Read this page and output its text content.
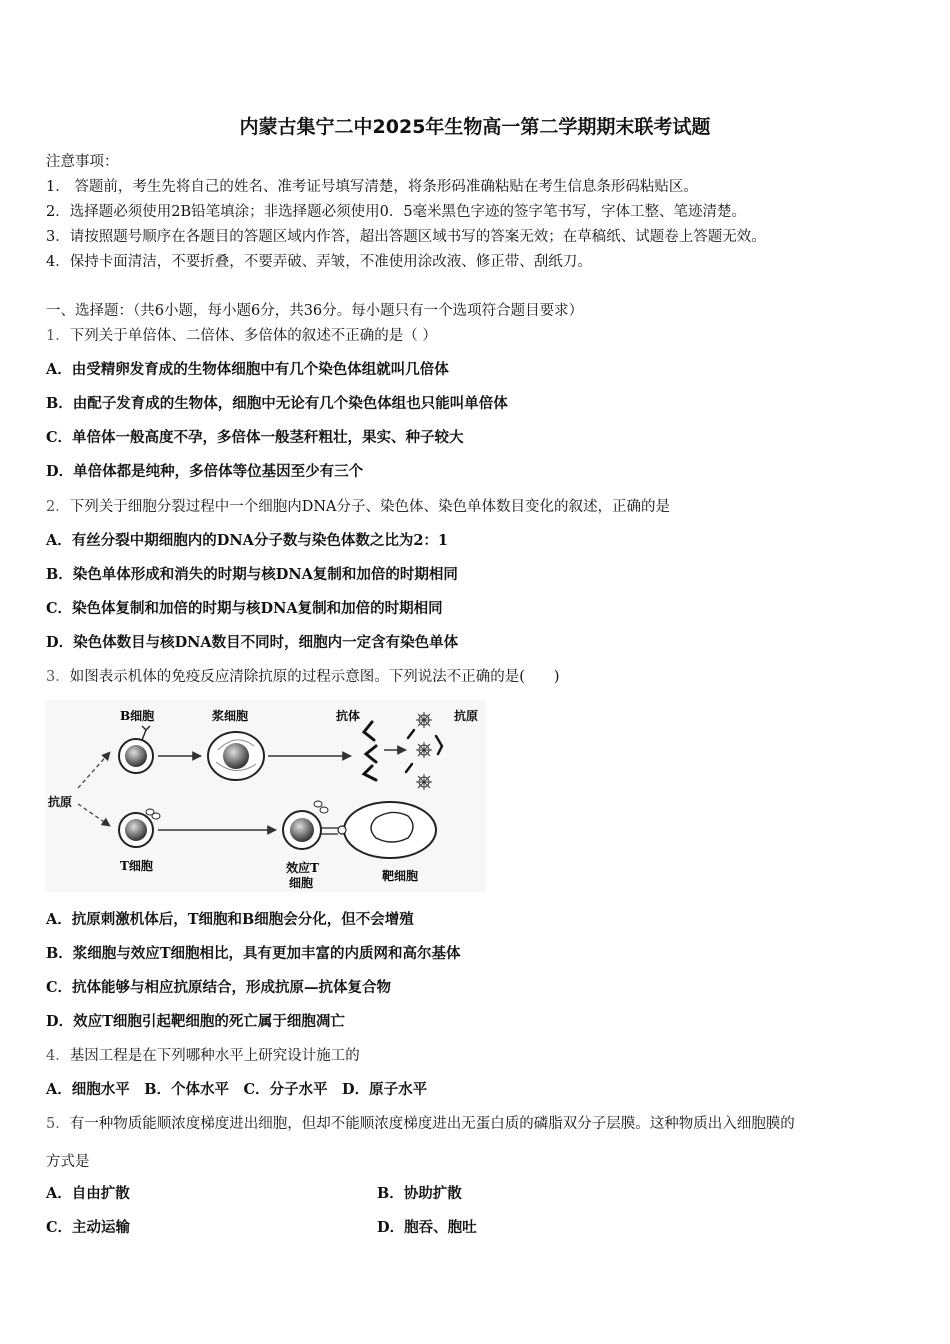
内蒙古集宁二中2025年生物高一第二学期期末联考试题
注意事项：
1． 答题前，考生先将自己的姓名、准考证号填写清楚，将条形码准确粘贴在考生信息条形码粘贴区。
2．选择题必须使用2B铅笔填涂；非选择题必须使用0．5毫米黑色字迹的签字笔书写，字体工整、笔迹清楚。
3．请按照题号顺序在各题目的答题区域内作答，超出答题区域书写的答案无效；在草稿纸、试题卷上答题无效。
4．保持卡面清洁，不要折叠，不要弄破、弄皱，不准使用涂改液、修正带、刮纸刀。
一、选择题：（共6小题，每小题6分，共36分。每小题只有一个选项符合题目要求）
1．下列关于单倍体、二倍体、多倍体的叙述不正确的是（ ）
A．由受精卵发育成的生物体细胞中有几个染色体组就叫几倍体
B．由配子发育成的生物体，细胞中无论有几个染色体组也只能叫单倍体
C．单倍体一般高度不孕，多倍体一般茎秆粗壮，果实、种子较大
D．单倍体都是纯种，多倍体等位基因至少有三个
2．下列关于细胞分裂过程中一个细胞内DNA分子、染色体、染色单体数目变化的叙述，正确的是
A．有丝分裂中期细胞内的DNA分子数与染色体数之比为2：1
B．染色单体形成和消失的时期与核DNA复制和加倍的时期相同
C．染色体复制和加倍的时期与核DNA复制和加倍的时期相同
D．染色体数目与核DNA数目不同时，细胞内一定含有染色单体
3．如图表示机体的免疫反应清除抗原的过程示意图。下列说法不正确的是(　　)
B细胞	浆细胞	抗体	抗原
抗原
T细胞	效应T
细胞	靶细胞
A．抗原刺激机体后，T细胞和B细胞会分化，但不会增殖
B．浆细胞与效应T细胞相比，具有更加丰富的内质网和高尔基体
C．抗体能够与相应抗原结合，形成抗原—抗体复合物
D．效应T细胞引起靶细胞的死亡属于细胞凋亡
4．基因工程是在下列哪种水平上研究设计施工的
A．细胞水平　B．个体水平　C．分子水平　D．原子水平
5．有一种物质能顺浓度梯度进出细胞，但却不能顺浓度梯度进出无蛋白质的磷脂双分子层膜。这种物质出入细胞膜的
方式是
A．自由扩散	B．协助扩散
C．主动运输	D．胞吞、胞吐
